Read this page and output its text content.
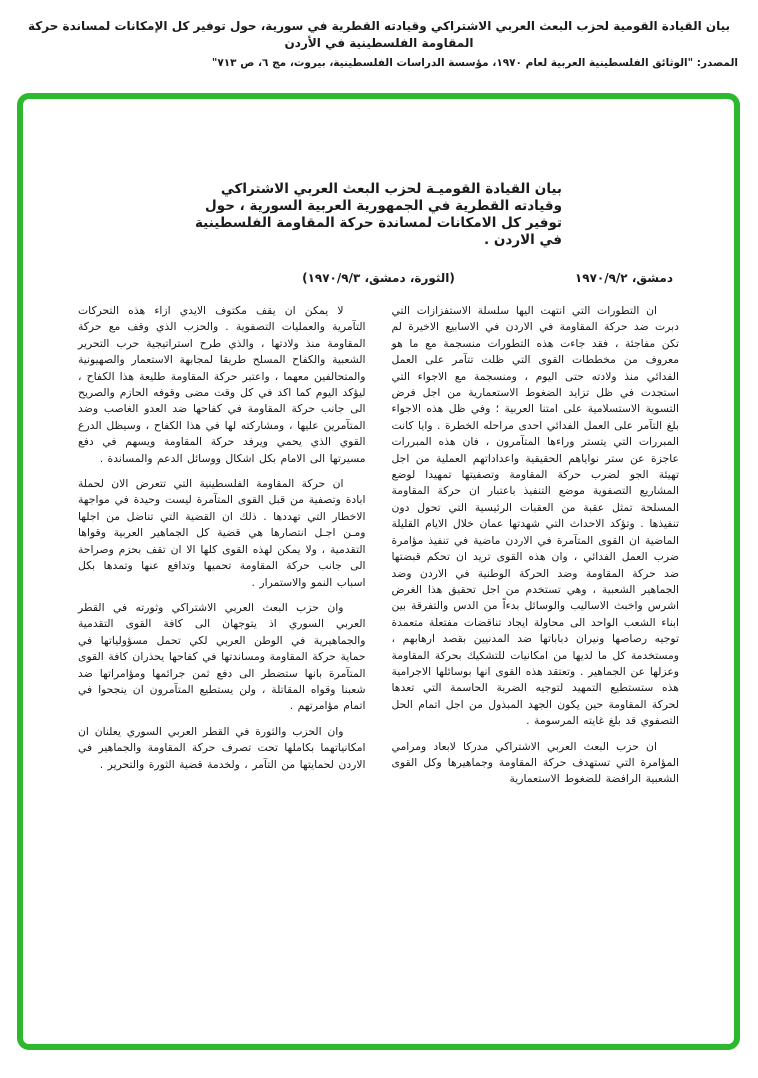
بيان القيادة القومية لحزب البعث العربي الاشتراكي وقيادته القطرية في سورية، حول توفير كل الإمكانات لمساندة حركة
المقاومة الفلسطينية في الأردن
المصدر: "الوثائق الفلسطينية العربية لعام ١٩٧٠، مؤسسة الدراسات الفلسطينية، بيروت، مج ٦، ص ٧١٣"
بيان القيادة القوميـة لحزب البعث العربي الاشتراكي
وقيادته القطرية في الجمهورية العربية السورية ، حول
توفير كل الامكانات لمساندة حركة المقاومة الفلسطينية
في الاردن .
دمشق، ١٩٧٠/٩/٢
(الثورة، دمشق، ١٩٧٠/٩/٣)

ان التطورات التي انتهت اليها سلسلة الاستفزازات التي دبرت ضد حركة المقاومة في الاردن في الاسابيع الاخيرة لم تكن مفاجئة ، فقد جاءت هذه التطورات منسجمة مع ما هو معروف من مخططات القوى التي ظلت تتآمر على العمل الفدائي منذ ولادته حتى اليوم ، ومنسجمة مع الاجواء التي استجدت في ظل تزايد الضغوط الاستعمارية من اجل فرض التسوية الاستسلامية على امتنا العربية ؛ وفي ظل هذه الاجواء بلغ التآمر على العمل الفدائي احدى مراحله الخطرة . وايا كانت المبررات التي يتستر وراءها المتآمرون ، فان هذه المبررات عاجزة عن ستر نواياهم الحقيقية واعداداتهم العملية من اجل تهيئة الجو لضرب حركة المقاومة وتصفيتها تمهيدا لوضع المشاريع التصفوية موضع التنفيذ باعتبار ان حركة المقاومة المسلحة تمثل عقبة من العقبات الرئيسية التي تحول دون تنفيذها . وتؤكد الاحداث التي شهدتها عمان خلال الايام القليلة الماضية ان القوى المتآمرة في الاردن ماضية في تنفيذ مؤامرة ضرب العمل الفدائي ، وان هذه القوى تريد ان تحكم قبضتها ضد حركة المقاومة وضد الحركة الوطنية في الاردن وضد الجماهير الشعبية ، وهي تستخدم من اجل تحقيق هذا الغرض اشرس واخبث الاساليب والوسائل بدءاً من الدس والتفرقة بين ابناء الشعب الواحد الى محاولة ايجاد تناقضات مفتعلة متعمدة توجيه رصاصها ونيران دباباتها ضد المدنيين بقصد ارهابهم ، ومستخدمة كل ما لديها من امكانيات للتشكيك بحركة المقاومة وعزلها عن الجماهير . وتعتقد هذه القوى انها بوسائلها الاجرامية هذه ستستطيع التمهيد لتوجيه الضربة الحاسمة التي تعدها لحركة المقاومة حين يكون الجهد المبذول من اجل اتمام الحل التصفوي قد بلغ غايته المرسومة .

ان حزب البعث العربي الاشتراكي مدركا لابعاد ومرامي المؤامرة التي تستهدف حركة المقاومة وجماهيرها وكل القوى الشعبية الرافضة للضغوط الاستعمارية

لا يمكن ان يقف مكتوف الايدي ازاء هذه التحركات التآمرية والعمليات التصفوية . والحزب الذي وقف مع حركة المقاومة منذ ولادتها ، والذي طرح استراتيجية حرب التحرير الشعبية والكفاح المسلح طريقا لمجابهة الاستعمار والصهيونية والمتحالفين معهما ، واعتبر حركة المقاومة طليعة هذا الكفاح ، ليؤكد اليوم كما اكد في كل وقت مضى وقوفه الحازم والصريح الى جانب حركة المقاومة في كفاحها ضد العدو الغاصب وضد المتآمرين عليها ، ومشاركته لها في هذا الكفاح ، وسيظل الدرع القوي الذي يحمي ويرفد حركة المقاومة ويسهم في دفع مسيرتها الى الامام بكل اشكال ووسائل الدعم والمساندة .

ان حركة المقاومة الفلسطينية التي تتعرض الان لحملة ابادة وتصفية من قبل القوى المتآمرة ليست وحيدة في مواجهة الاخطار التي تهددها . ذلك ان القضية التي تناضل من اجلها ومـن اجـل انتصارها هي قضية كل الجماهير العربية وقواها التقدمية ، ولا يمكن لهذه القوى كلها الا ان تقف بحزم وصراحة الى جانب حركة المقاومة تحميها وتدافع عنها وتمدها بكل اسباب النمو والاستمرار .

وان حزب البعث العربي الاشتراكي وثورته في القطر العربي السوري اذ يتوجهان الى كافة القوى التقدمية والجماهيرية في الوطن العربي لكي تحمل مسؤولياتها في حماية حركة المقاومة ومساندتها في كفاحها يحذران كافة القوى المتآمرة بانها ستضطر الى دفع ثمن جرائمها ومؤامراتها ضد شعبنا وقواه المقاتلة ، ولن يستطيع المتآمرون ان ينجحوا في اتمام مؤامرتهم .

وان الحزب والثورة في القطر العربي السوري يعلنان ان امكانياتهما بكاملها تحت تصرف حركة المقاومة والجماهير في الاردن لحمايتها من التآمر ، ولخدمة قضية الثورة والتحرير .
